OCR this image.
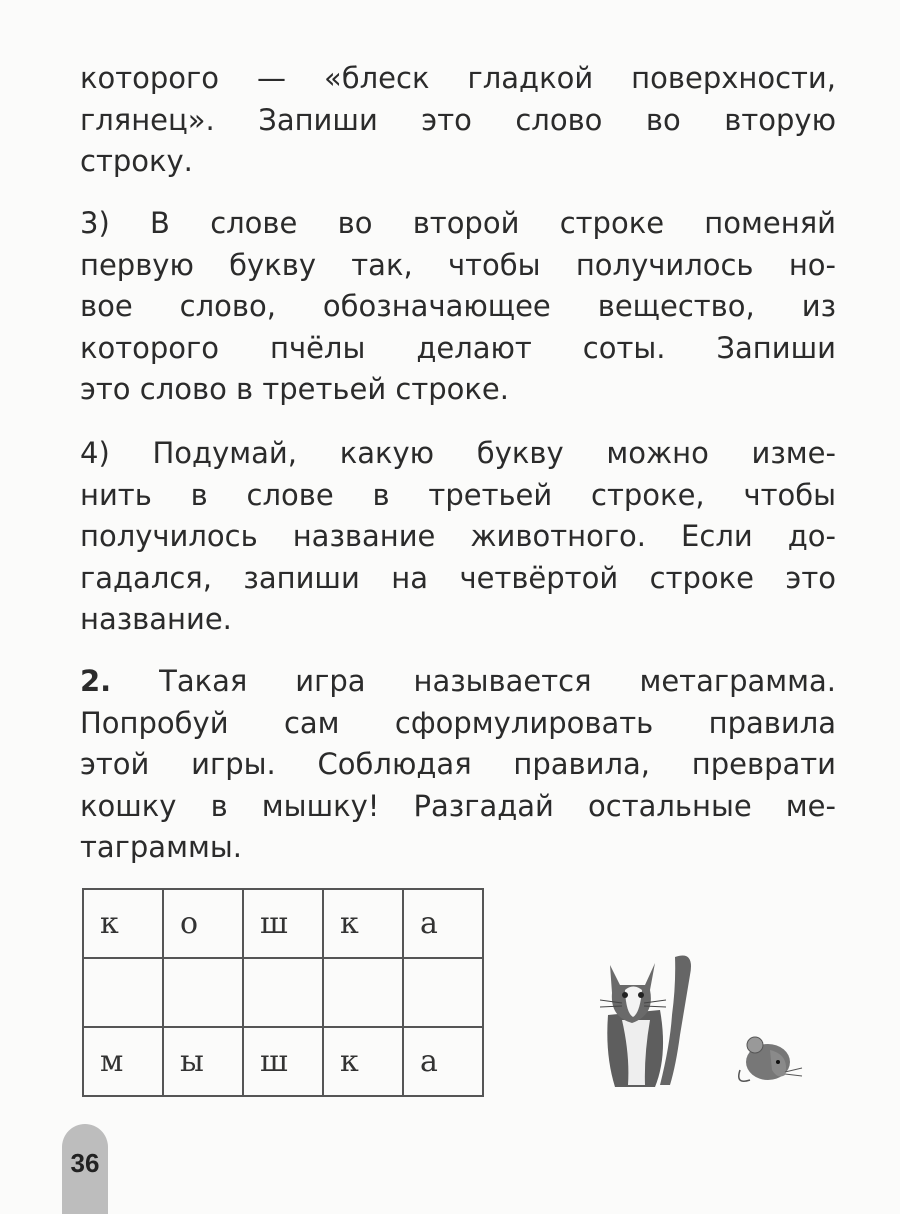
которого — «блеск гладкой поверхности,
глянец». Запиши это слово во вторую
строку.
3) В слове во второй строке поменяй
первую букву так, чтобы получилось но-
вое слово, обозначающее вещество, из
которого пчёлы делают соты. Запиши
это слово в третьей строке.
4) Подумай, какую букву можно изме-
нить в слове в третьей строке, чтобы
получилось название животного. Если до-
гадался, запиши на четвёртой строке это
название.
2. Такая игра называется метаграмма.
Попробуй сам сформулировать правила
этой игры. Соблюдая правила, преврати
кошку в мышку! Разгадай остальные ме-
таграммы.
к	о	ш	к	а

м	ы	ш	к	а
36
